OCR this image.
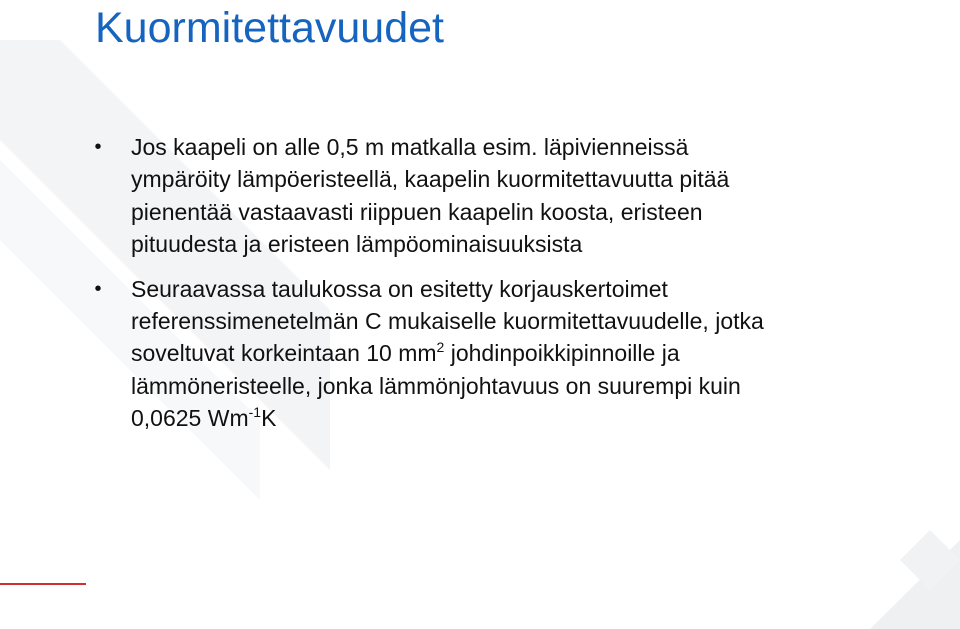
Kuormitettavuudet
• Jos kaapeli on alle 0,5 m matkalla esim. läpivienneissä
ympäröity lämpöeristeellä, kaapelin kuormitettavuutta pitää
pienentää vastaavasti riippuen kaapelin koosta, eristeen
pituudesta ja eristeen lämpöominaisuuksista
• Seuraavassa taulukossa on esitetty korjauskertoimet
referenssimenetelmän C mukaiselle kuormitettavuudelle, jotka
soveltuvat korkeintaan 10 $mm^2$ johdinpoikkipinnoille ja
lämmöneristeelle, jonka lämmönjohtavuus on suurempi kuin
0,0625 $Wm^{-1}K$
